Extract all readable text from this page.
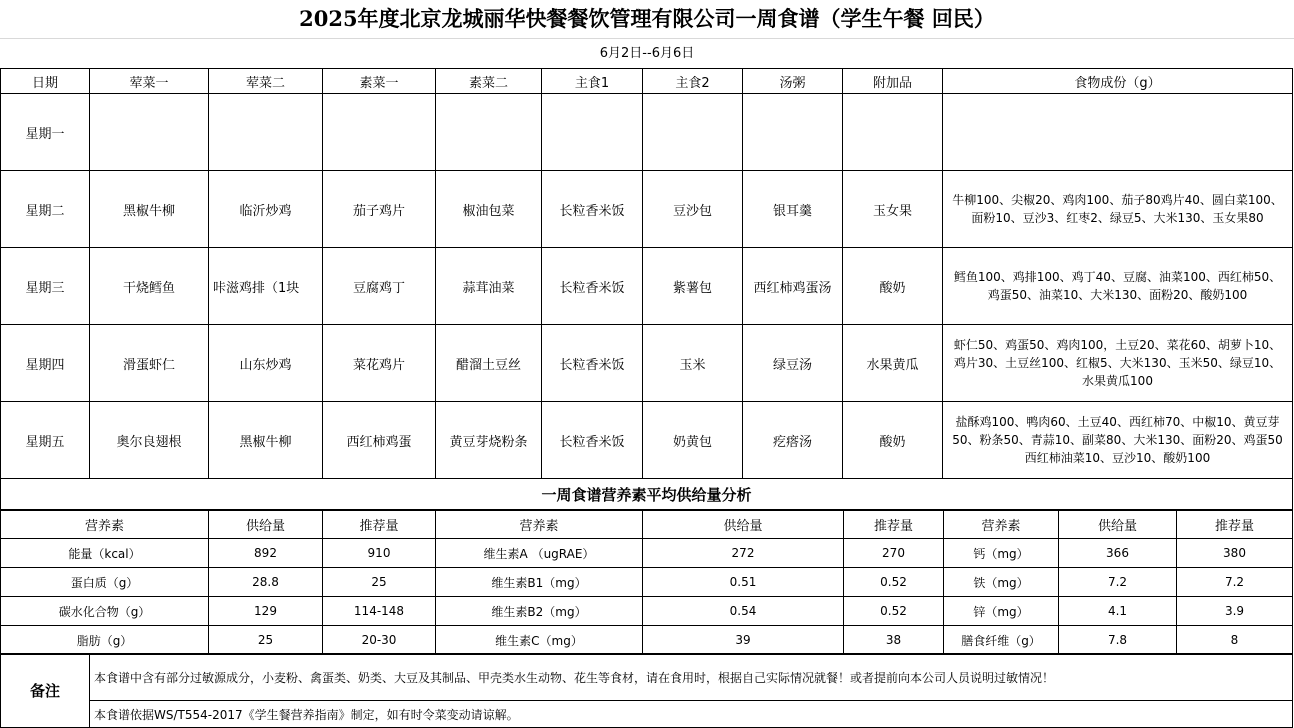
2025年度北京龙城丽华快餐餐饮管理有限公司一周食谱（学生午餐 回民）
6月2日--6月6日
日期	荤菜一	荤菜二	素菜一	素菜二	主食1	主食2	汤粥	附加品	食物成份（g）
星期一									
星期二	黑椒牛柳	临沂炒鸡	茄子鸡片	椒油包菜	长粒香米饭	豆沙包	银耳羹	玉女果	牛柳100、尖椒20、鸡肉100、茄子80鸡片40、圆白菜100、面粉10、豆沙3、红枣2、绿豆5、大米130、玉女果80
星期三	干烧鳕鱼	咔滋鸡排（1块	豆腐鸡丁	蒜茸油菜	长粒香米饭	紫薯包	西红柿鸡蛋汤	酸奶	鳕鱼100、鸡排100、鸡丁40、豆腐、油菜100、西红柿50、鸡蛋50、油菜10、大米130、面粉20、酸奶100
星期四	滑蛋虾仁	山东炒鸡	菜花鸡片	醋溜土豆丝	长粒香米饭	玉米	绿豆汤	水果黄瓜	虾仁50、鸡蛋50、鸡肉100，土豆20、菜花60、胡萝卜10、鸡片30、土豆丝100、红椒5、大米130、玉米50、绿豆10、水果黄瓜100
星期五	奥尔良翅根	黑椒牛柳	西红柿鸡蛋	黄豆芽烧粉条	长粒香米饭	奶黄包	疙瘩汤	酸奶	盐酥鸡100、鸭肉60、土豆40、西红柿70、中椒10、黄豆芽50、粉条50、青蒜10、副菜80、大米130、面粉20、鸡蛋50西红柿油菜10、豆沙10、酸奶100
一周食谱营养素平均供给量分析									
营养素	供给量	推荐量	营养素	供给量	推荐量	营养素	供给量	推荐量
能量（kcal）	892	910	维生素A （ugRAE）	272	270	钙（mg）	366	380
蛋白质（g）	28.8	25	维生素B1（mg）	0.51	0.52	铁（mg）	7.2	7.2
碳水化合物（g）	129	114-148	维生素B2（mg）	0.54	0.52	锌（mg）	4.1	3.9
脂肪（g）	25	20-30	维生素C（mg）	39	38	膳食纤维（g）	7.8	8
备注	本食谱中含有部分过敏源成分，小麦粉、禽蛋类、奶类、大豆及其制品、甲壳类水生动物、花生等食材，请在食用时，根据自己实际情况就餐！或者提前向本公司人员说明过敏情况！
本食谱依据WS/T554-2017《学生餐营养指南》制定，如有时令菜变动请谅解。
